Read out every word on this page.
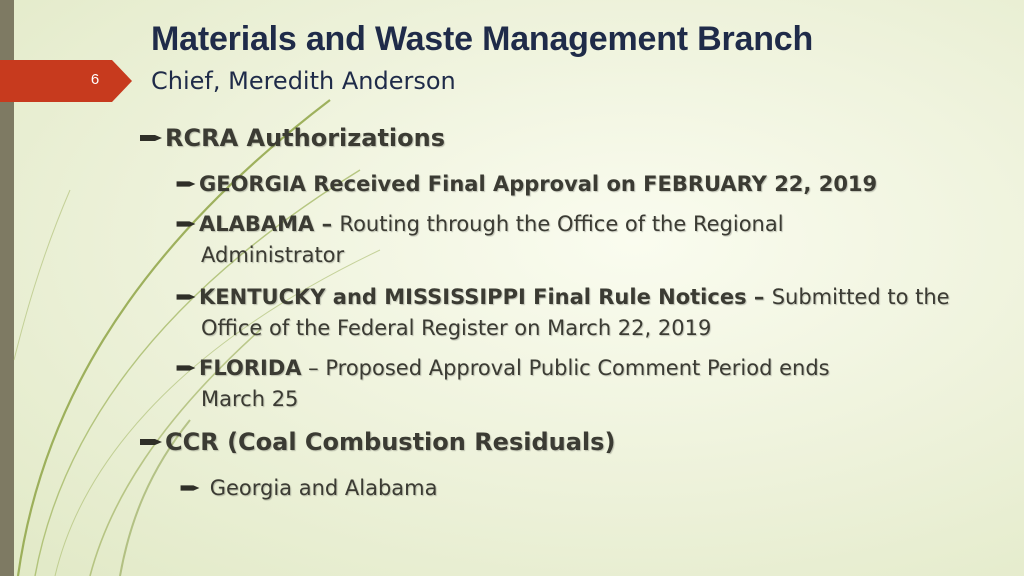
6
Materials and Waste Management Branch
Chief, Meredith Anderson
RCRA Authorizations
GEORGIA Received Final Approval on FEBRUARY 22, 2019
ALABAMA – Routing through the Office of the Regional
Administrator
KENTUCKY and MISSISSIPPI Final Rule Notices – Submitted to the
Office of the Federal Register on March 22, 2019
FLORIDA – Proposed Approval Public Comment Period ends
March 25
CCR (Coal Combustion Residuals)
Georgia and Alabama
